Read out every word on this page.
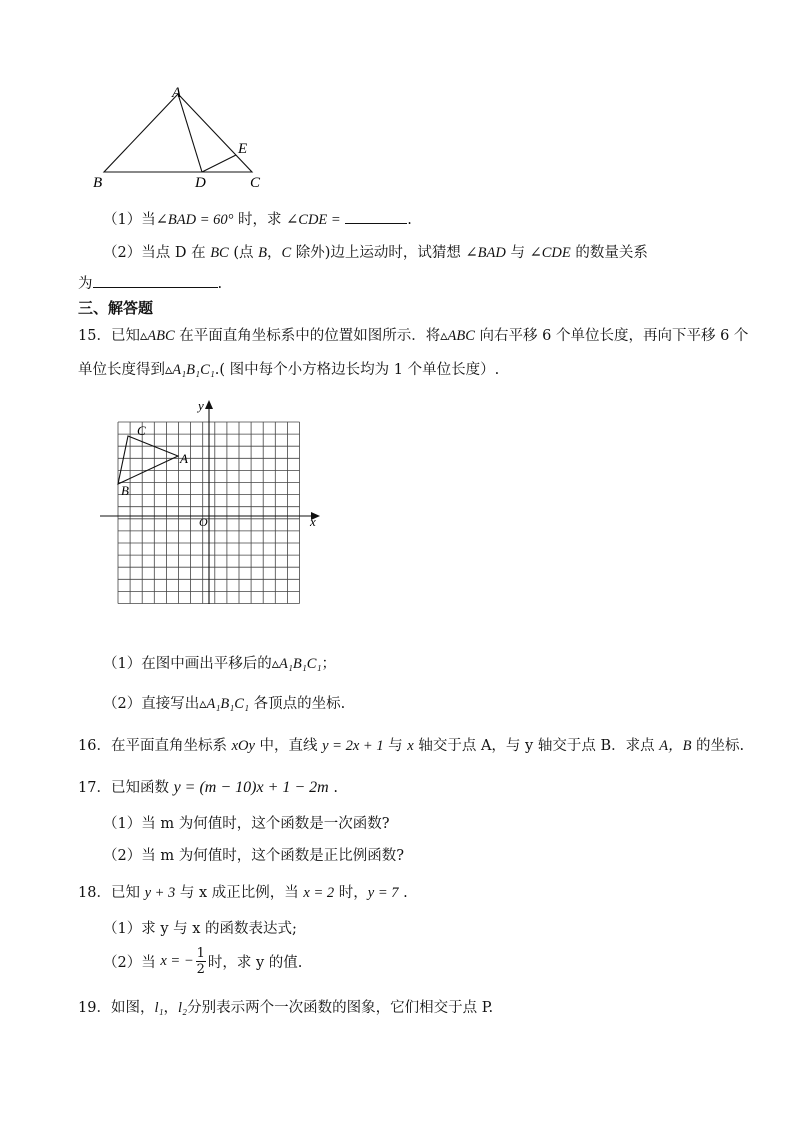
A
B	D	C
E
（1）当∠BAD = 60° 时，求 ∠CDE =	.
（2）当点 D 在 BC (点 B，C 除外)边上运动时，试猜想 ∠BAD 与 ∠CDE 的数量关系
为	.
三、解答题
15．已知▵ABC 在平面直角坐标系中的位置如图所示．将▵ABC 向右平移 6 个单位长度，再向下平移 6 个
单位长度得到▵A₁B₁C₁.( 图中每个小方格边长均为 1 个单位长度）.
x
y
O
C
A
B
（1）在图中画出平移后的▵A₁B₁C₁；
（2）直接写出▵A₁B₁C₁ 各顶点的坐标.
16．在平面直角坐标系 xOy 中，直线 y = 2x + 1 与 x 轴交于点 A，与 y 轴交于点 B．求点 A，B 的坐标.
17．已知函数 y = (m − 10)x + 1 − 2m .
（1）当 m 为何值时，这个函数是一次函数?
（2）当 m 为何值时，这个函数是正比例函数?
18．已知 y + 3 与 x 成正比例，当 x = 2 时，y = 7 .
（1）求 y 与 x 的函数表达式;
（2）当 x = − $\frac{1}{2}$ 时，求 y 的值.
19．如图，l₁，l₂分别表示两个一次函数的图象，它们相交于点 P.
